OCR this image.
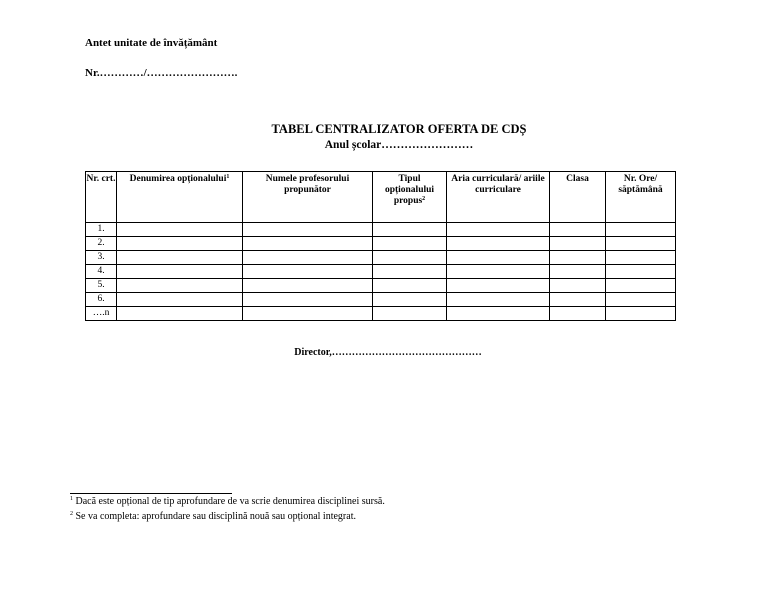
Antet unitate de învățământ
Nr.…………/…………………….
TABEL CENTRALIZATOR OFERTA DE CDȘ
Anul școlar……………………
Nr. crt.	Denumirea opționalului$^1$	Numele profesorului propunător	Tipul opționalului propus$^2$	Aria curriculară/ ariile curriculare	Clasa	Nr. Ore/ săptămână
1.						
2.						
3.						
4.						
5.						
6.						
….n						
Director,………………………………………
$^1$ Dacă este opțional de tip aprofundare de va scrie denumirea disciplinei sursă.
$^2$ Se va completa: aprofundare sau disciplină nouă sau opțional integrat.
